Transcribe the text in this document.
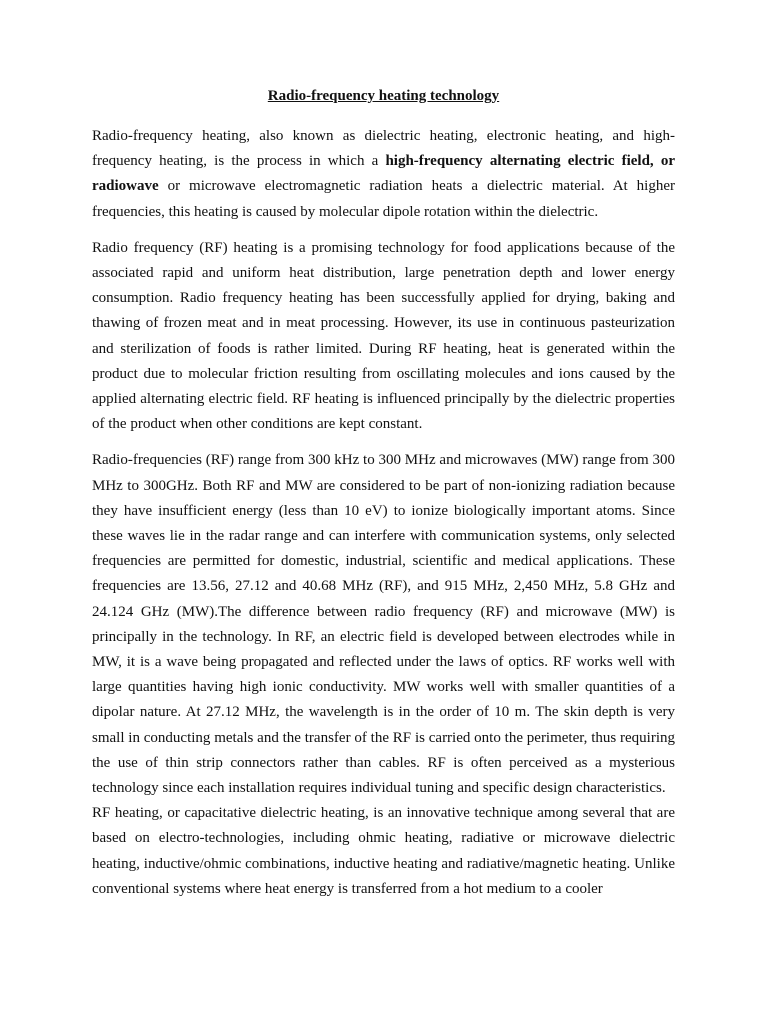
Radio-frequency heating technology

Radio-frequency heating, also known as dielectric heating, electronic heating, and high-frequency heating, is the process in which a high-frequency alternating electric field, or radiowave or microwave electromagnetic radiation heats a dielectric material. At higher frequencies, this heating is caused by molecular dipole rotation within the dielectric.

Radio frequency (RF) heating is a promising technology for food applications because of the associated rapid and uniform heat distribution, large penetration depth and lower energy consumption. Radio frequency heating has been successfully applied for drying, baking and thawing of frozen meat and in meat processing. However, its use in continuous pasteurization and sterilization of foods is rather limited. During RF heating, heat is generated within the product due to molecular friction resulting from oscillating molecules and ions caused by the applied alternating electric field. RF heating is influenced principally by the dielectric properties of the product when other conditions are kept constant.

Radio-frequencies (RF) range from 300 kHz to 300 MHz and microwaves (MW) range from 300 MHz to 300GHz. Both RF and MW are considered to be part of non-ionizing radiation because they have insufficient energy (less than 10 eV) to ionize biologically important atoms. Since these waves lie in the radar range and can interfere with communication systems, only selected frequencies are permitted for domestic, industrial, scientific and medical applications. These frequencies are 13.56, 27.12 and 40.68 MHz (RF), and 915 MHz, 2,450 MHz, 5.8 GHz and 24.124 GHz (MW).The difference between radio frequency (RF) and microwave (MW) is principally in the technology. In RF, an electric field is developed between electrodes while in MW, it is a wave being propagated and reflected under the laws of optics. RF works well with large quantities having high ionic conductivity. MW works well with smaller quantities of a dipolar nature. At 27.12 MHz, the wavelength is in the order of 10 m. The skin depth is very small in conducting metals and the transfer of the RF is carried onto the perimeter, thus requiring the use of thin strip connectors rather than cables. RF is often perceived as a mysterious technology since each installation requires individual tuning and specific design characteristics.

RF heating, or capacitative dielectric heating, is an innovative technique among several that are based on electro-technologies, including ohmic heating, radiative or microwave dielectric heating, inductive/ohmic combinations, inductive heating and radiative/magnetic heating. Unlike conventional systems where heat energy is transferred from a hot medium to a cooler
